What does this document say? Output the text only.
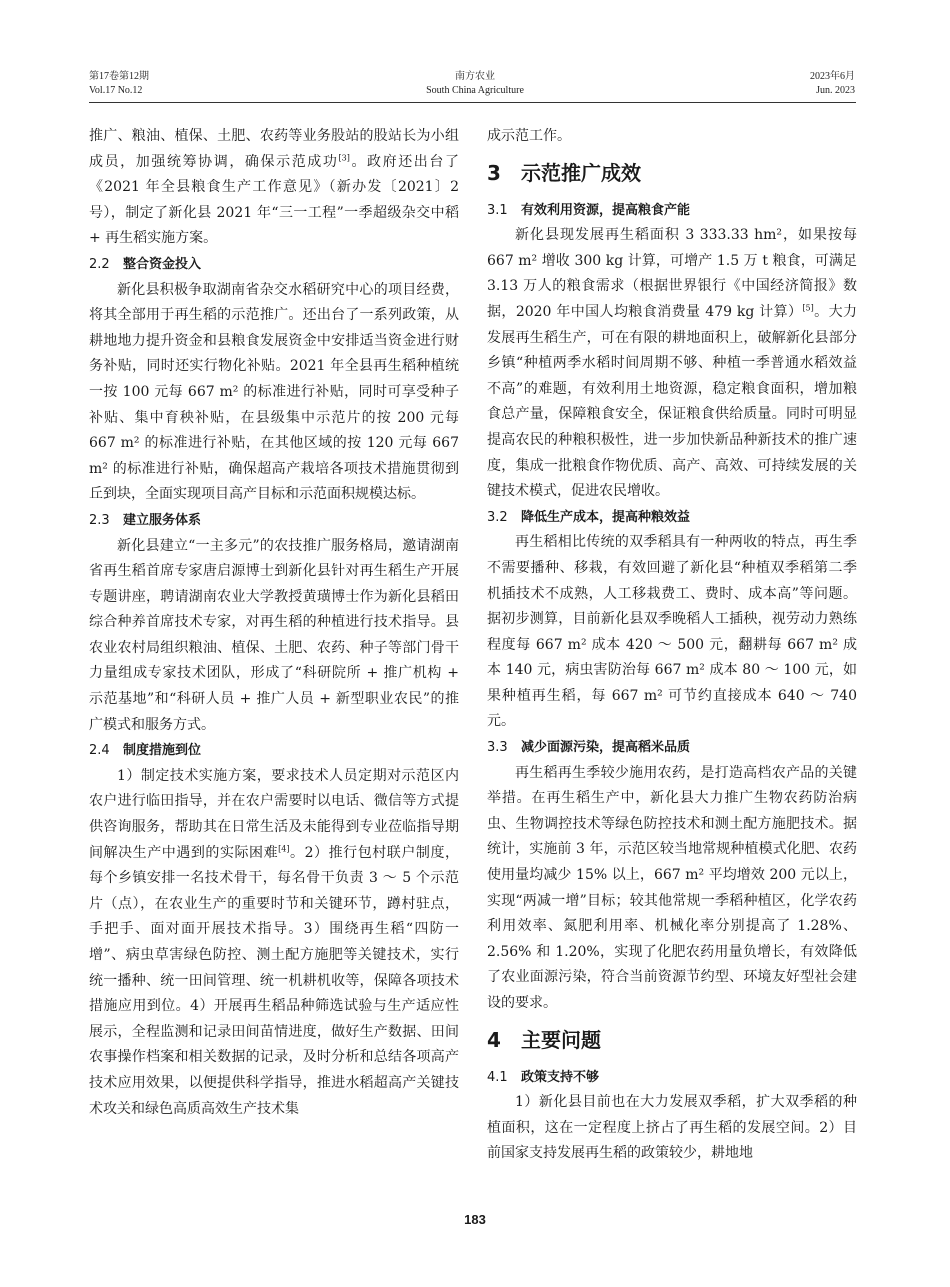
第17卷第12期
Vol.17 No.12
南方农业
South China Agriculture
2023年6月
Jun. 2023

推广、粮油、植保、土肥、农药等业务股站的股站长为小组成员，加强统筹协调，确保示范成功[3]。政府还出台了《2021 年全县粮食生产工作意见》（新办发〔2021〕2 号），制定了新化县 2021 年“三一工程”一季超级杂交中稻 + 再生稻实施方案。

2.2 整合资金投入

新化县积极争取湖南省杂交水稻研究中心的项目经费，将其全部用于再生稻的示范推广。还出台了一系列政策，从耕地地力提升资金和县粮食发展资金中安排适当资金进行财务补贴，同时还实行物化补贴。2021 年全县再生稻种植统一按 100 元每 667 m² 的标准进行补贴，同时可享受种子补贴、集中育秧补贴，在县级集中示范片的按 200 元每 667 m² 的标准进行补贴，在其他区域的按 120 元每 667 m² 的标准进行补贴，确保超高产栽培各项技术措施贯彻到丘到块，全面实现项目高产目标和示范面积规模达标。

2.3 建立服务体系

新化县建立“一主多元”的农技推广服务格局，邀请湖南省再生稻首席专家唐启源博士到新化县针对再生稻生产开展专题讲座，聘请湖南农业大学教授黄璜博士作为新化县稻田综合种养首席技术专家，对再生稻的种植进行技术指导。县农业农村局组织粮油、植保、土肥、农药、种子等部门骨干力量组成专家技术团队，形成了“科研院所 + 推广机构 + 示范基地”和“科研人员 + 推广人员 + 新型职业农民”的推广模式和服务方式。

2.4 制度措施到位

1）制定技术实施方案，要求技术人员定期对示范区内农户进行临田指导，并在农户需要时以电话、微信等方式提供咨询服务，帮助其在日常生活及未能得到专业莅临指导期间解决生产中遇到的实际困难[4]。2）推行包村联户制度，每个乡镇安排一名技术骨干，每名骨干负责 3 ～ 5 个示范片（点），在农业生产的重要时节和关键环节，蹲村驻点，手把手、面对面开展技术指导。3）围绕再生稻“四防一增”、病虫草害绿色防控、测土配方施肥等关键技术，实行统一播种、统一田间管理、统一机耕机收等，保障各项技术措施应用到位。4）开展再生稻品种筛选试验与生产适应性展示，全程监测和记录田间苗情进度，做好生产数据、田间农事操作档案和相关数据的记录，及时分析和总结各项高产技术应用效果，以便提供科学指导，推进水稻超高产关键技术攻关和绿色高质高效生产技术集

成示范工作。

3 示范推广成效
3.1 有效利用资源，提高粮食产能

新化县现发展再生稻面积 3 333.33 hm²，如果按每 667 m² 增收 300 kg 计算，可增产 1.5 万 t 粮食，可满足 3.13 万人的粮食需求（根据世界银行《中国经济简报》数据，2020 年中国人均粮食消费量 479 kg 计算）[5]。大力发展再生稻生产，可在有限的耕地面积上，破解新化县部分乡镇“种植两季水稻时间周期不够、种植一季普通水稻效益不高”的难题，有效利用土地资源，稳定粮食面积，增加粮食总产量，保障粮食安全，保证粮食供给质量。同时可明显提高农民的种粮积极性，进一步加快新品种新技术的推广速度，集成一批粮食作物优质、高产、高效、可持续发展的关键技术模式，促进农民增收。

3.2 降低生产成本，提高种粮效益

再生稻相比传统的双季稻具有一种两收的特点，再生季不需要播种、移栽，有效回避了新化县“种植双季稻第二季机插技术不成熟，人工移栽费工、费时、成本高”等问题。据初步测算，目前新化县双季晚稻人工插秧，视劳动力熟练程度每 667 m² 成本 420 ～ 500 元，翻耕每 667 m² 成本 140 元，病虫害防治每 667 m² 成本 80 ～ 100 元，如果种植再生稻，每 667 m² 可节约直接成本 640 ～ 740 元。

3.3 减少面源污染，提高稻米品质

再生稻再生季较少施用农药，是打造高档农产品的关键举措。在再生稻生产中，新化县大力推广生物农药防治病虫、生物调控技术等绿色防控技术和测土配方施肥技术。据统计，实施前 3 年，示范区较当地常规种植模式化肥、农药使用量均减少 15% 以上，667 m² 平均增效 200 元以上，实现“两减一增”目标；较其他常规一季稻种植区，化学农药利用效率、氮肥利用率、机械化率分别提高了 1.28%、2.56% 和 1.20%，实现了化肥农药用量负增长，有效降低了农业面源污染，符合当前资源节约型、环境友好型社会建设的要求。

4 主要问题
4.1 政策支持不够

1）新化县目前也在大力发展双季稻，扩大双季稻的种植面积，这在一定程度上挤占了再生稻的发展空间。2）目前国家支持发展再生稻的政策较少，耕地地

183
